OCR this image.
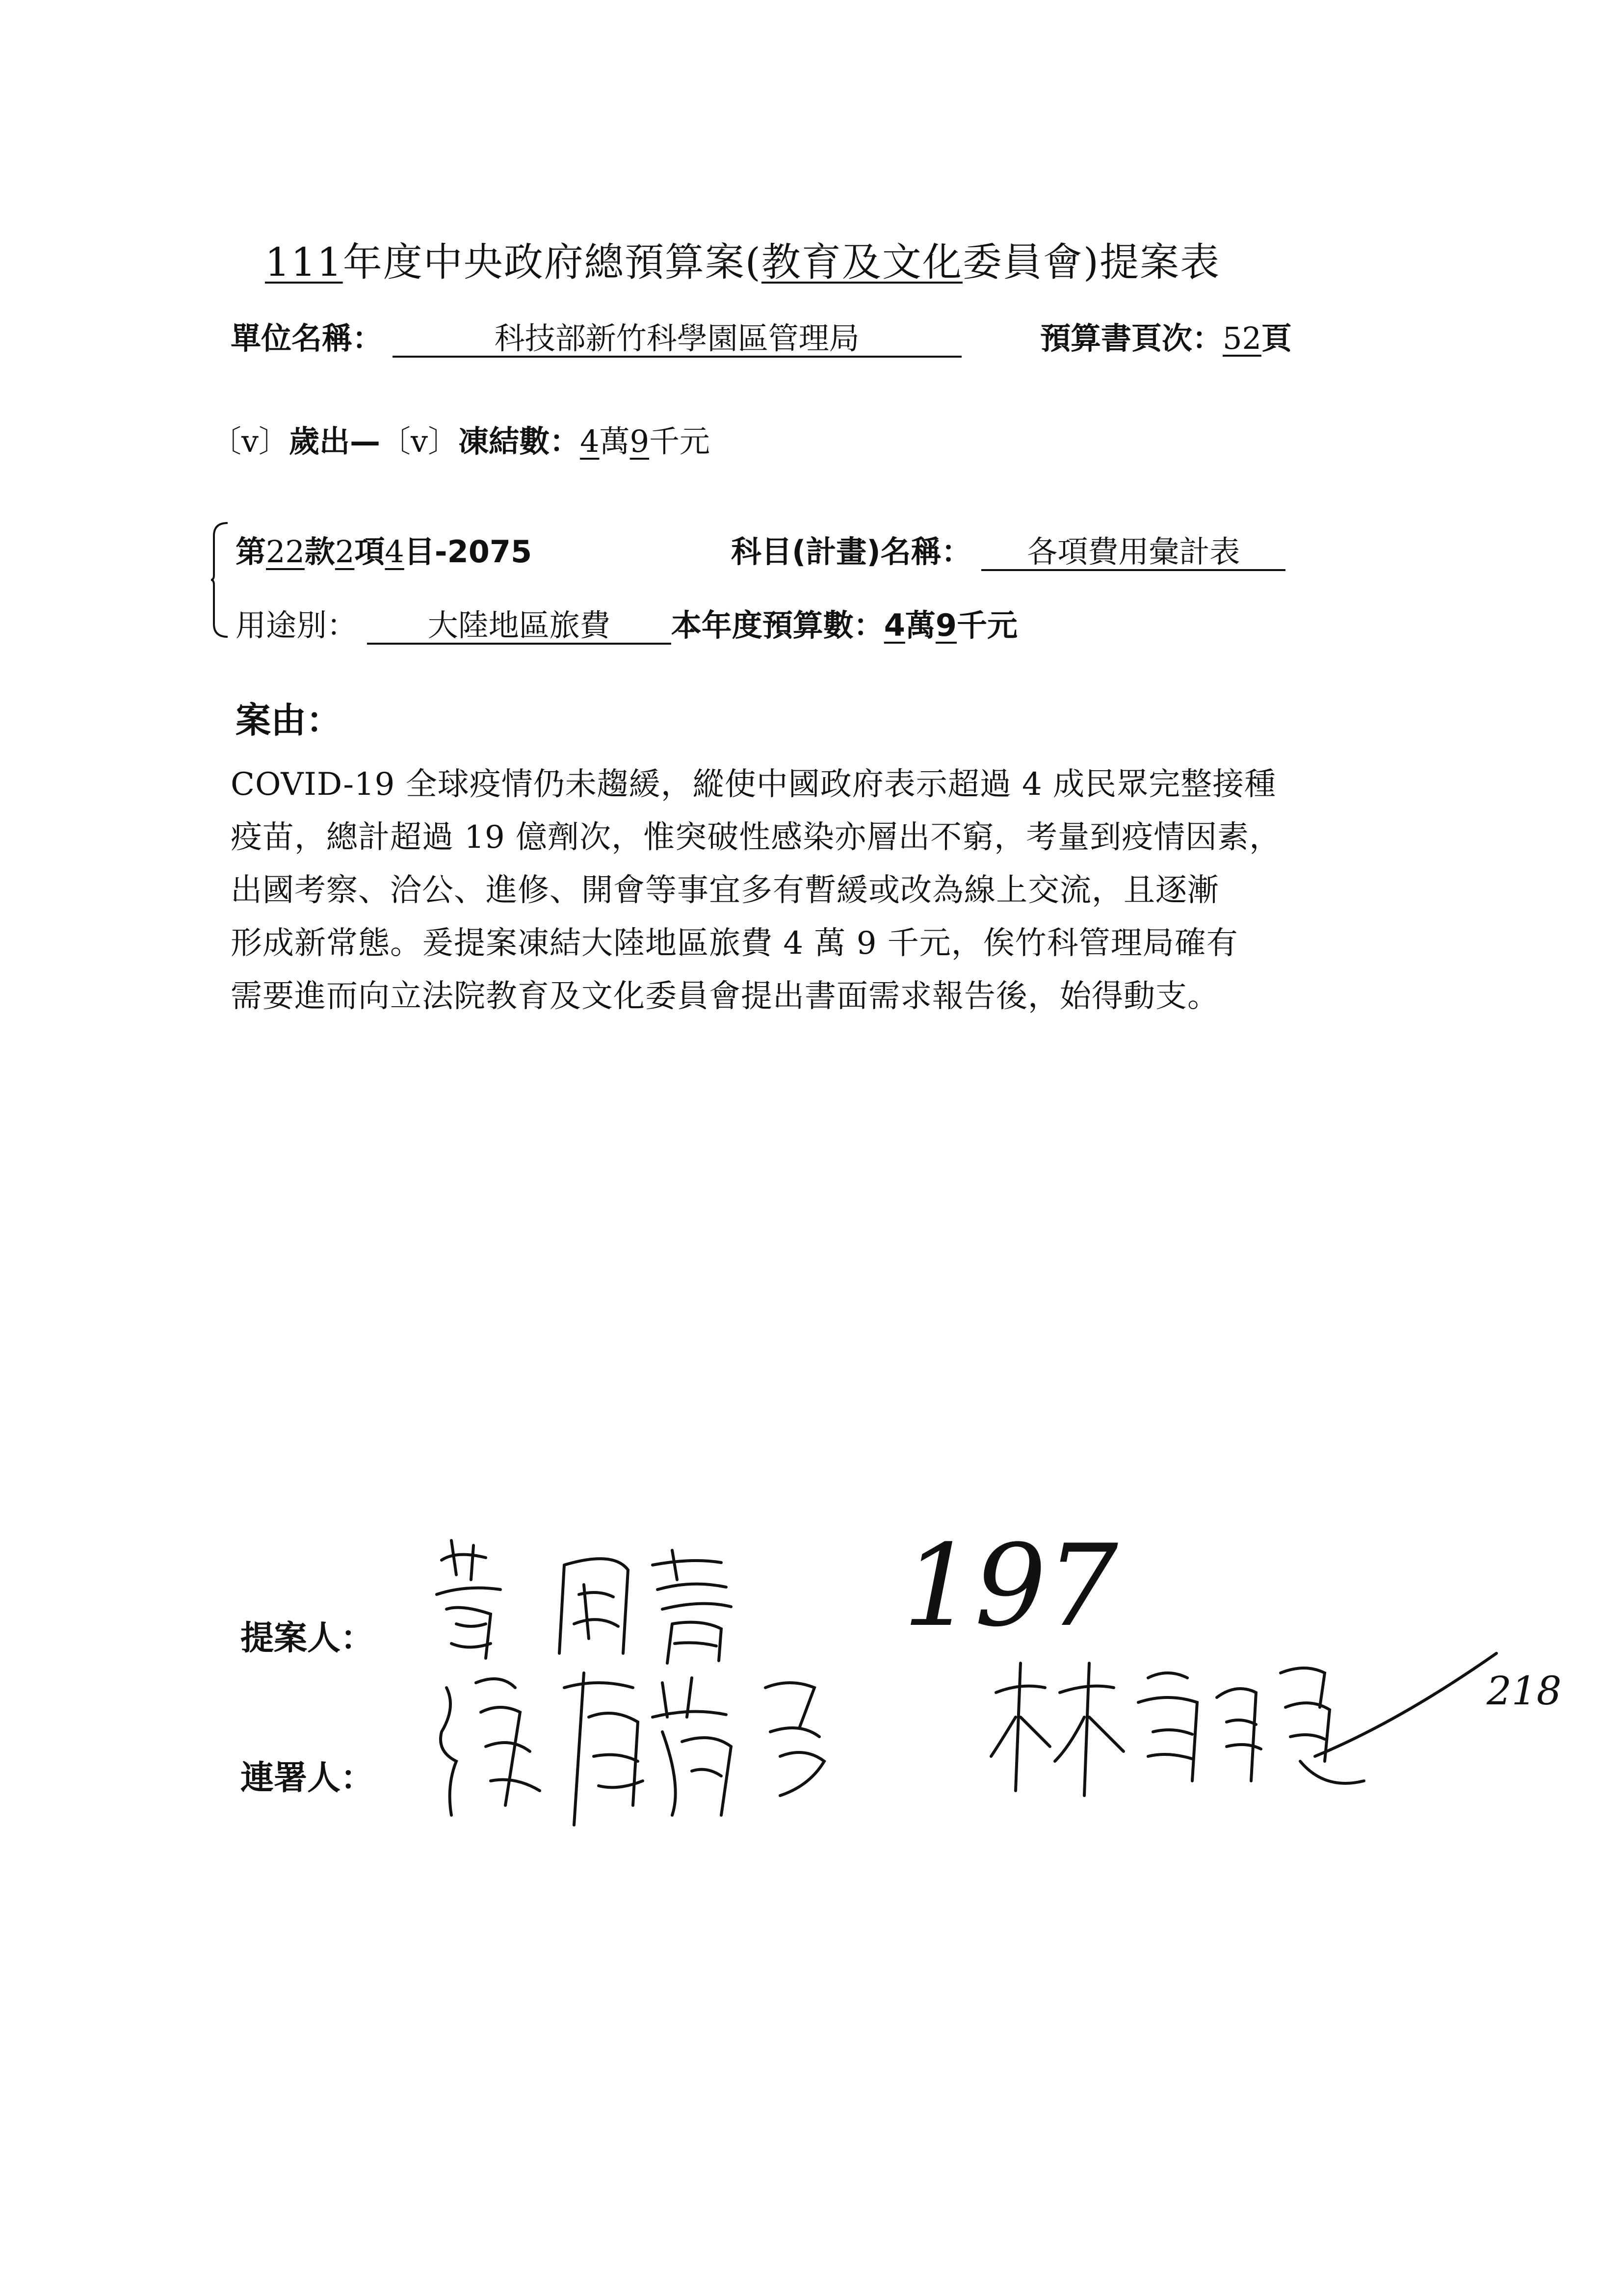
111年度中央政府總預算案(教育及文化委員會)提案表
單位名稱：	科技部新竹科學園區管理局	預算書頁次：52頁
〔v〕歲出—〔v〕凍結數：4萬9千元
第22款2項4目-2075	科目(計畫)名稱： 各項費用彙計表
用途別： 大陸地區旅費 本年度預算數：4萬9千元
案由：
COVID-19 全球疫情仍未趨緩，縱使中國政府表示超過 4 成民眾完整接種
疫苗，總計超過 19 億劑次，惟突破性感染亦層出不窮，考量到疫情因素，
出國考察、洽公、進修、開會等事宜多有暫緩或改為線上交流，且逐漸
形成新常態。爰提案凍結大陸地區旅費 4 萬 9 千元，俟竹科管理局確有
需要進而向立法院教育及文化委員會提出書面需求報告後，始得動支。
提案人：	197
連署人：
218
